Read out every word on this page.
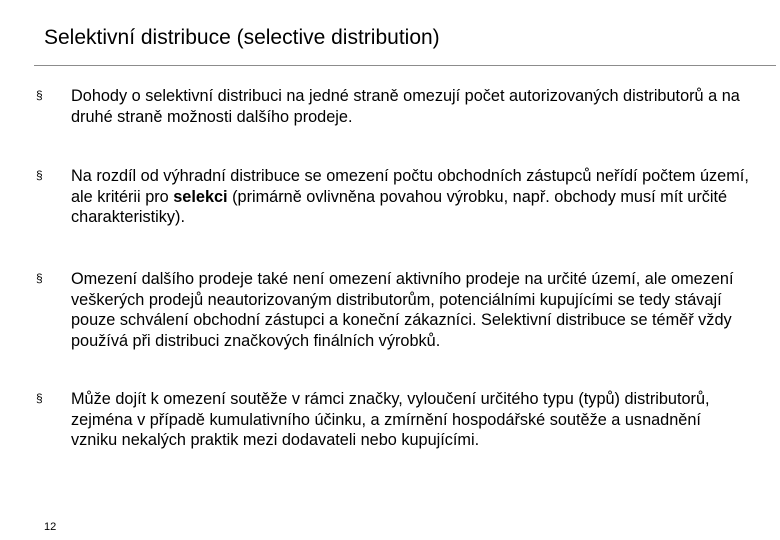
Selektivní distribuce (selective distribution)
§ Dohody o selektivní distribuci na jedné straně omezují počet autorizovaných distributorů a na druhé straně možnosti dalšího prodeje.
§ Na rozdíl od výhradní distribuce se omezení počtu obchodních zástupců neřídí počtem území, ale kritérii pro selekci (primárně ovlivněna povahou výrobku, např. obchody musí mít určité charakteristiky).
§ Omezení dalšího prodeje také není omezení aktivního prodeje na určité území, ale omezení veškerých prodejů neautorizovaným distributorům, potenciálními kupujícími se tedy stávají pouze schválení obchodní zástupci a koneční zákazníci. Selektivní distribuce se téměř vždy používá při distribuci značkových finálních výrobků.
§ Může dojít k omezení soutěže v rámci značky, vyloučení určitého typu (typů) distributorů, zejména v případě kumulativního účinku, a zmírnění hospodářské soutěže a usnadnění vzniku nekalých praktik mezi dodavateli nebo kupujícími.
12
